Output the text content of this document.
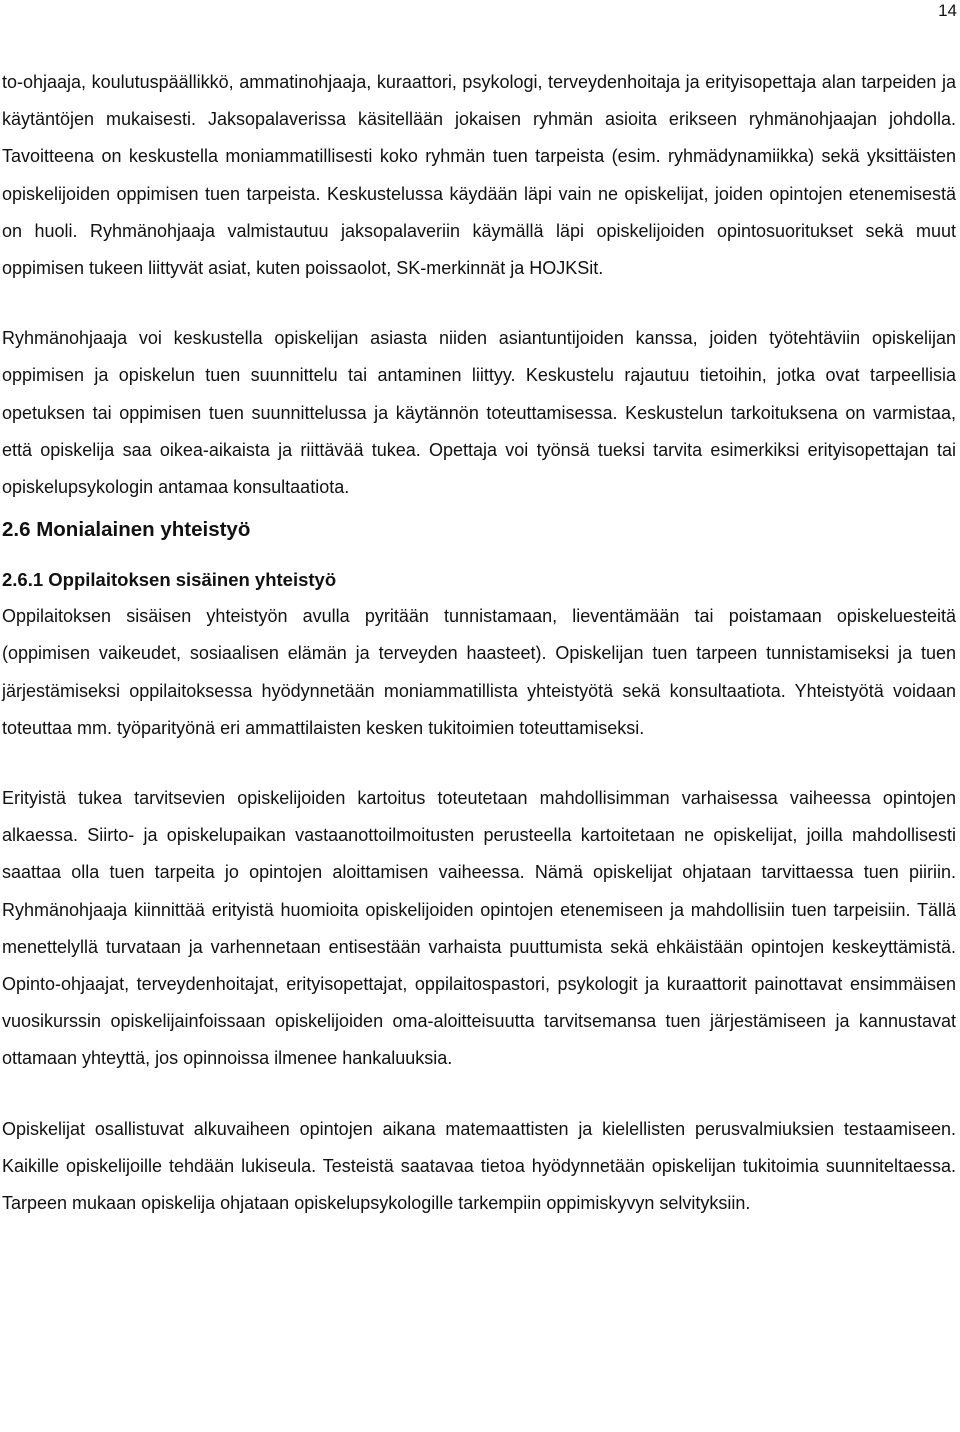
14

to-ohjaaja, koulutuspäällikkö, ammatinohjaaja, kuraattori, psykologi, terveydenhoitaja ja erityisopettaja alan tarpeiden ja käytäntöjen mukaisesti. Jaksopalaverissa käsitellään jokaisen ryhmän asioita erikseen ryhmänohjaajan johdolla. Tavoitteena on keskustella moniammatillisesti koko ryhmän tuen tarpeista (esim. ryhmädynamiikka) sekä yksittäisten opiskelijoiden oppimisen tuen tarpeista. Keskustelussa käydään läpi vain ne opiskelijat, joiden opintojen etenemisestä on huoli. Ryhmänohjaaja valmistautuu jaksopalaveriin käymällä läpi opiskelijoiden opintosuoritukset sekä muut oppimisen tukeen liittyvät asiat, kuten poissaolot, SK-merkinnät ja HOJKSit.

Ryhmänohjaaja voi keskustella opiskelijan asiasta niiden asiantuntijoiden kanssa, joiden työtehtäviin opiskelijan oppimisen ja opiskelun tuen suunnittelu tai antaminen liittyy. Keskustelu rajautuu tietoihin, jotka ovat tarpeellisia opetuksen tai oppimisen tuen suunnittelussa ja käytännön toteuttamisessa. Keskustelun tarkoituksena on varmistaa, että opiskelija saa oikea-aikaista ja riittävää tukea. Opettaja voi työnsä tueksi tarvita esimerkiksi erityisopettajan tai opiskelupsykologin antamaa konsultaatiota.

2.6 Monialainen yhteistyö
2.6.1 Oppilaitoksen sisäinen yhteistyö

Oppilaitoksen sisäisen yhteistyön avulla pyritään tunnistamaan, lieventämään tai poistamaan opiskeluesteitä (oppimisen vaikeudet, sosiaalisen elämän ja terveyden haasteet). Opiskelijan tuen tarpeen tunnistamiseksi ja tuen järjestämiseksi oppilaitoksessa hyödynnetään moniammatillista yhteistyötä sekä konsultaatiota. Yhteistyötä voidaan toteuttaa mm. työparityönä eri ammattilaisten kesken tukitoimien toteuttamiseksi.

Erityistä tukea tarvitsevien opiskelijoiden kartoitus toteutetaan mahdollisimman varhaisessa vaiheessa opintojen alkaessa. Siirto- ja opiskelupaikan vastaanottoilmoitusten perusteella kartoitetaan ne opiskelijat, joilla mahdollisesti saattaa olla tuen tarpeita jo opintojen aloittamisen vaiheessa. Nämä opiskelijat ohjataan tarvittaessa tuen piiriin. Ryhmänohjaaja kiinnittää erityistä huomioita opiskelijoiden opintojen etenemiseen ja mahdollisiin tuen tarpeisiin. Tällä menettelyllä turvataan ja varhennetaan entisestään varhaista puuttumista sekä ehkäistään opintojen keskeyttämistä. Opinto-ohjaajat, terveydenhoitajat, erityisopettajat, oppilaitospastori, psykologit ja kuraattorit painottavat ensimmäisen vuosikurssin opiskelijainfoissaan opiskelijoiden oma-aloitteisuutta tarvitsemansa tuen järjestämiseen ja kannustavat ottamaan yhteyttä, jos opinnoissa ilmenee hankaluuksia.

Opiskelijat osallistuvat alkuvaiheen opintojen aikana matemaattisten ja kielellisten perusvalmiuksien testaamiseen. Kaikille opiskelijoille tehdään lukiseula. Testeistä saatavaa tietoa hyödynnetään opiskelijan tukitoimia suunniteltaessa. Tarpeen mukaan opiskelija ohjataan opiskelupsykologille tarkempiin oppimiskyvyn selvityksiin.
